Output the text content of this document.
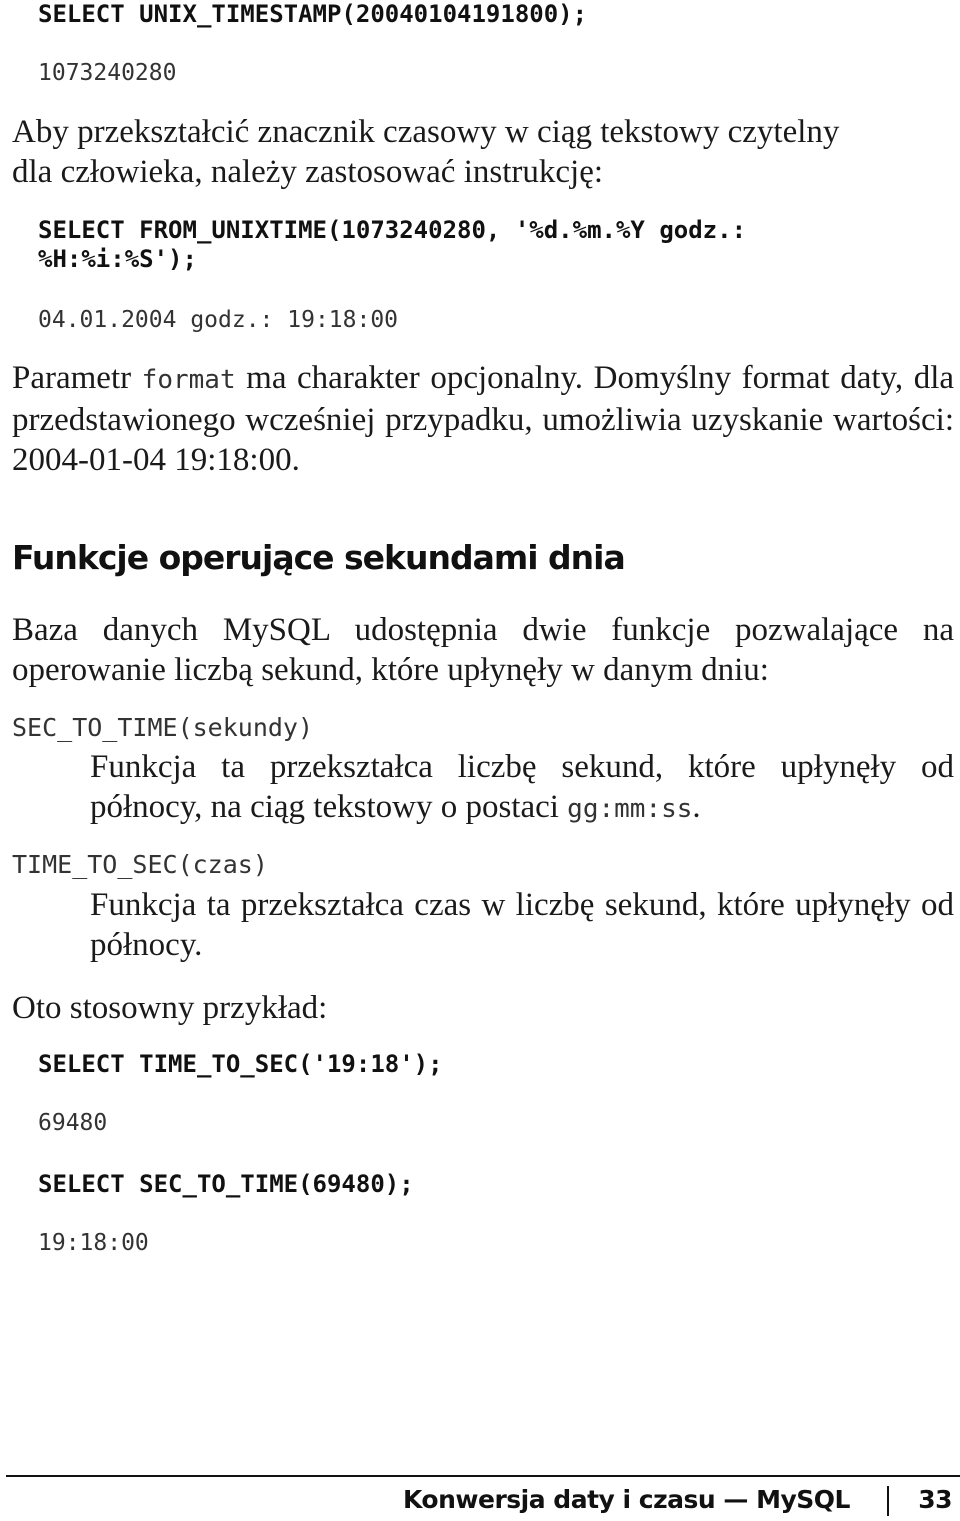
SELECT UNIX_TIMESTAMP(20040104191800);
1073240280
Aby przekształcić znacznik czasowy w ciąg tekstowy czytelny
dla człowieka, należy zastosować instrukcję:
SELECT FROM_UNIXTIME(1073240280, '%d.%m.%Y godz.:
%H:%i:%S');
04.01.2004 godz.: 19:18:00
Parametr format ma charakter opcjonalny. Domyślny format daty, dla przedstawionego wcześniej przypadku, umożliwia uzyskanie wartości: 2004-01-04 19:18:00.
Funkcje operujące sekundami dnia
Baza danych MySQL udostępnia dwie funkcje pozwalające na operowanie liczbą sekund, które upłynęły w danym dniu:
SEC_TO_TIME(sekundy)
Funkcja ta przekształca liczbę sekund, które upłynęły od północy, na ciąg tekstowy o postaci gg:mm:ss.
TIME_TO_SEC(czas)
Funkcja ta przekształca czas w liczbę sekund, które upłynęły od północy.
Oto stosowny przykład:
SELECT TIME_TO_SEC('19:18');
69480
SELECT SEC_TO_TIME(69480);
19:18:00
Konwersja daty i czasu — MySQL	33
